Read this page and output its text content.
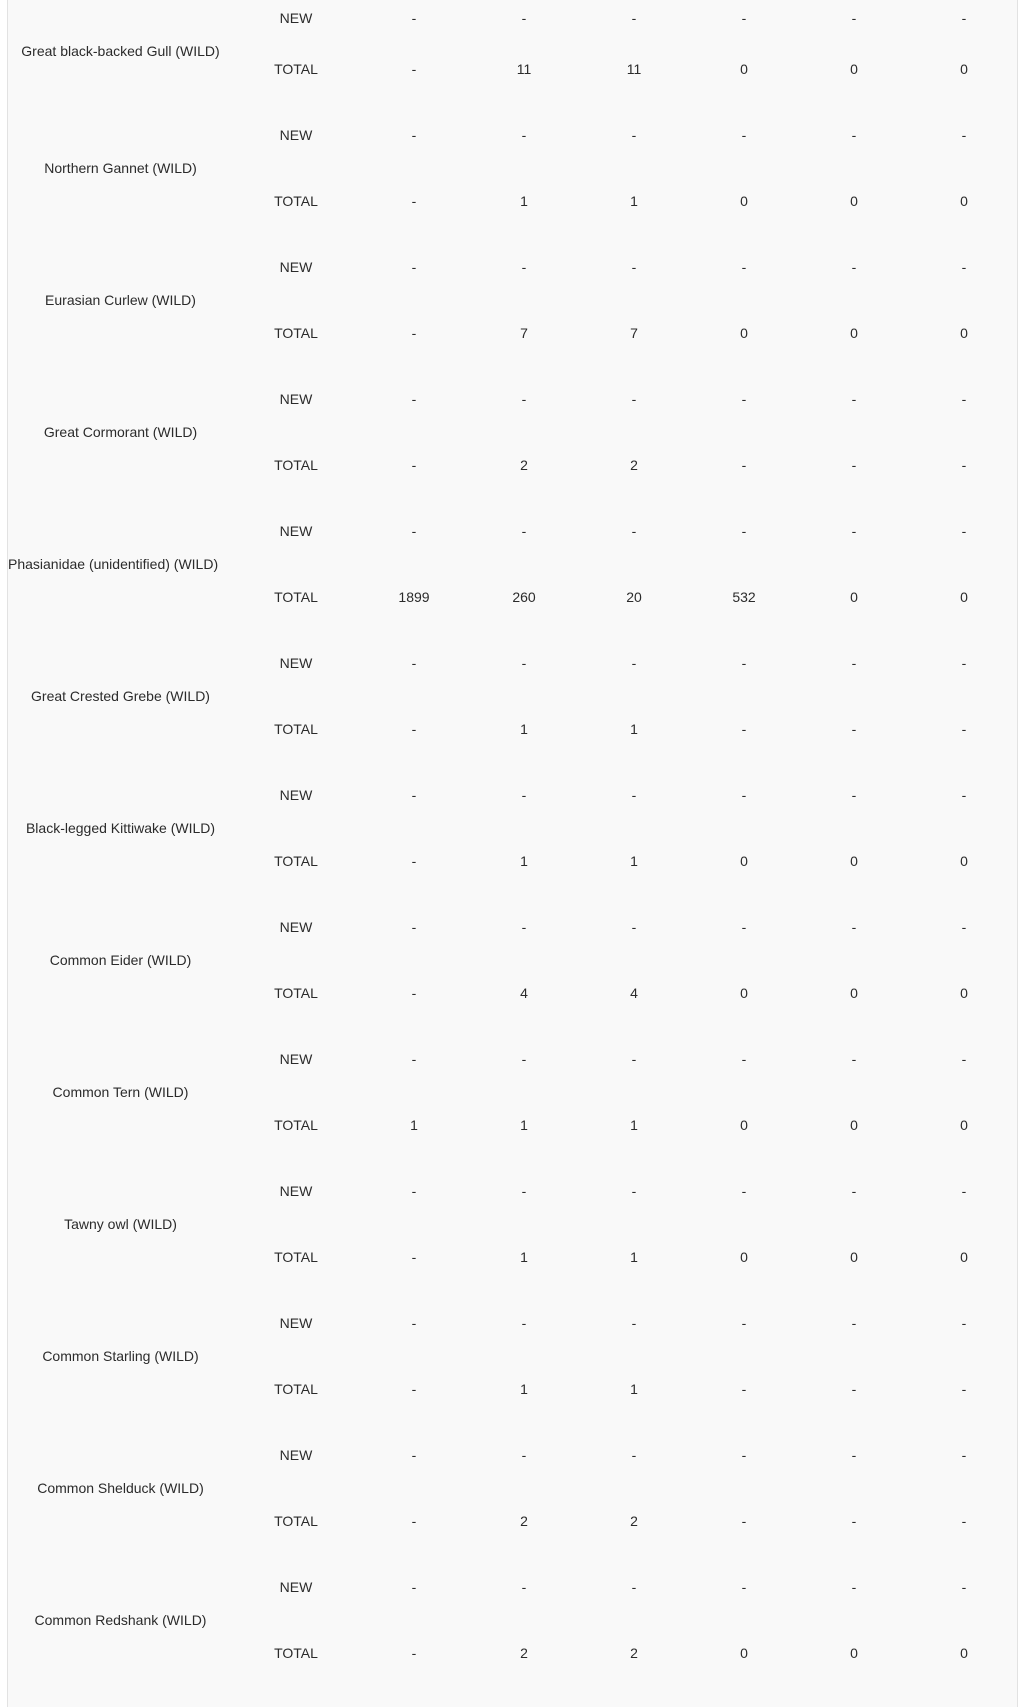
Great black-backed Gull (WILD)	NEW	-	-	-	-	-	-
	TOTAL	-	11	11	0	0	0
Northern Gannet (WILD)	NEW	-	-	-	-	-	-
	TOTAL	-	1	1	0	0	0
Eurasian Curlew (WILD)	NEW	-	-	-	-	-	-
	TOTAL	-	7	7	0	0	0
Great Cormorant (WILD)	NEW	-	-	-	-	-	-
	TOTAL	-	2	2	-	-	-
Phasianidae (unidentified) (WILD)	NEW	-	-	-	-	-	-
	TOTAL	1899	260	20	532	0	0
Great Crested Grebe (WILD)	NEW	-	-	-	-	-	-
	TOTAL	-	1	1	-	-	-
Black-legged Kittiwake (WILD)	NEW	-	-	-	-	-	-
	TOTAL	-	1	1	0	0	0
Common Eider (WILD)	NEW	-	-	-	-	-	-
	TOTAL	-	4	4	0	0	0
Common Tern (WILD)	NEW	-	-	-	-	-	-
	TOTAL	1	1	1	0	0	0
Tawny owl (WILD)	NEW	-	-	-	-	-	-
	TOTAL	-	1	1	0	0	0
Common Starling (WILD)	NEW	-	-	-	-	-	-
	TOTAL	-	1	1	-	-	-
Common Shelduck (WILD)	NEW	-	-	-	-	-	-
	TOTAL	-	2	2	-	-	-
Common Redshank (WILD)	NEW	-	-	-	-	-	-
	TOTAL	-	2	2	0	0	0
